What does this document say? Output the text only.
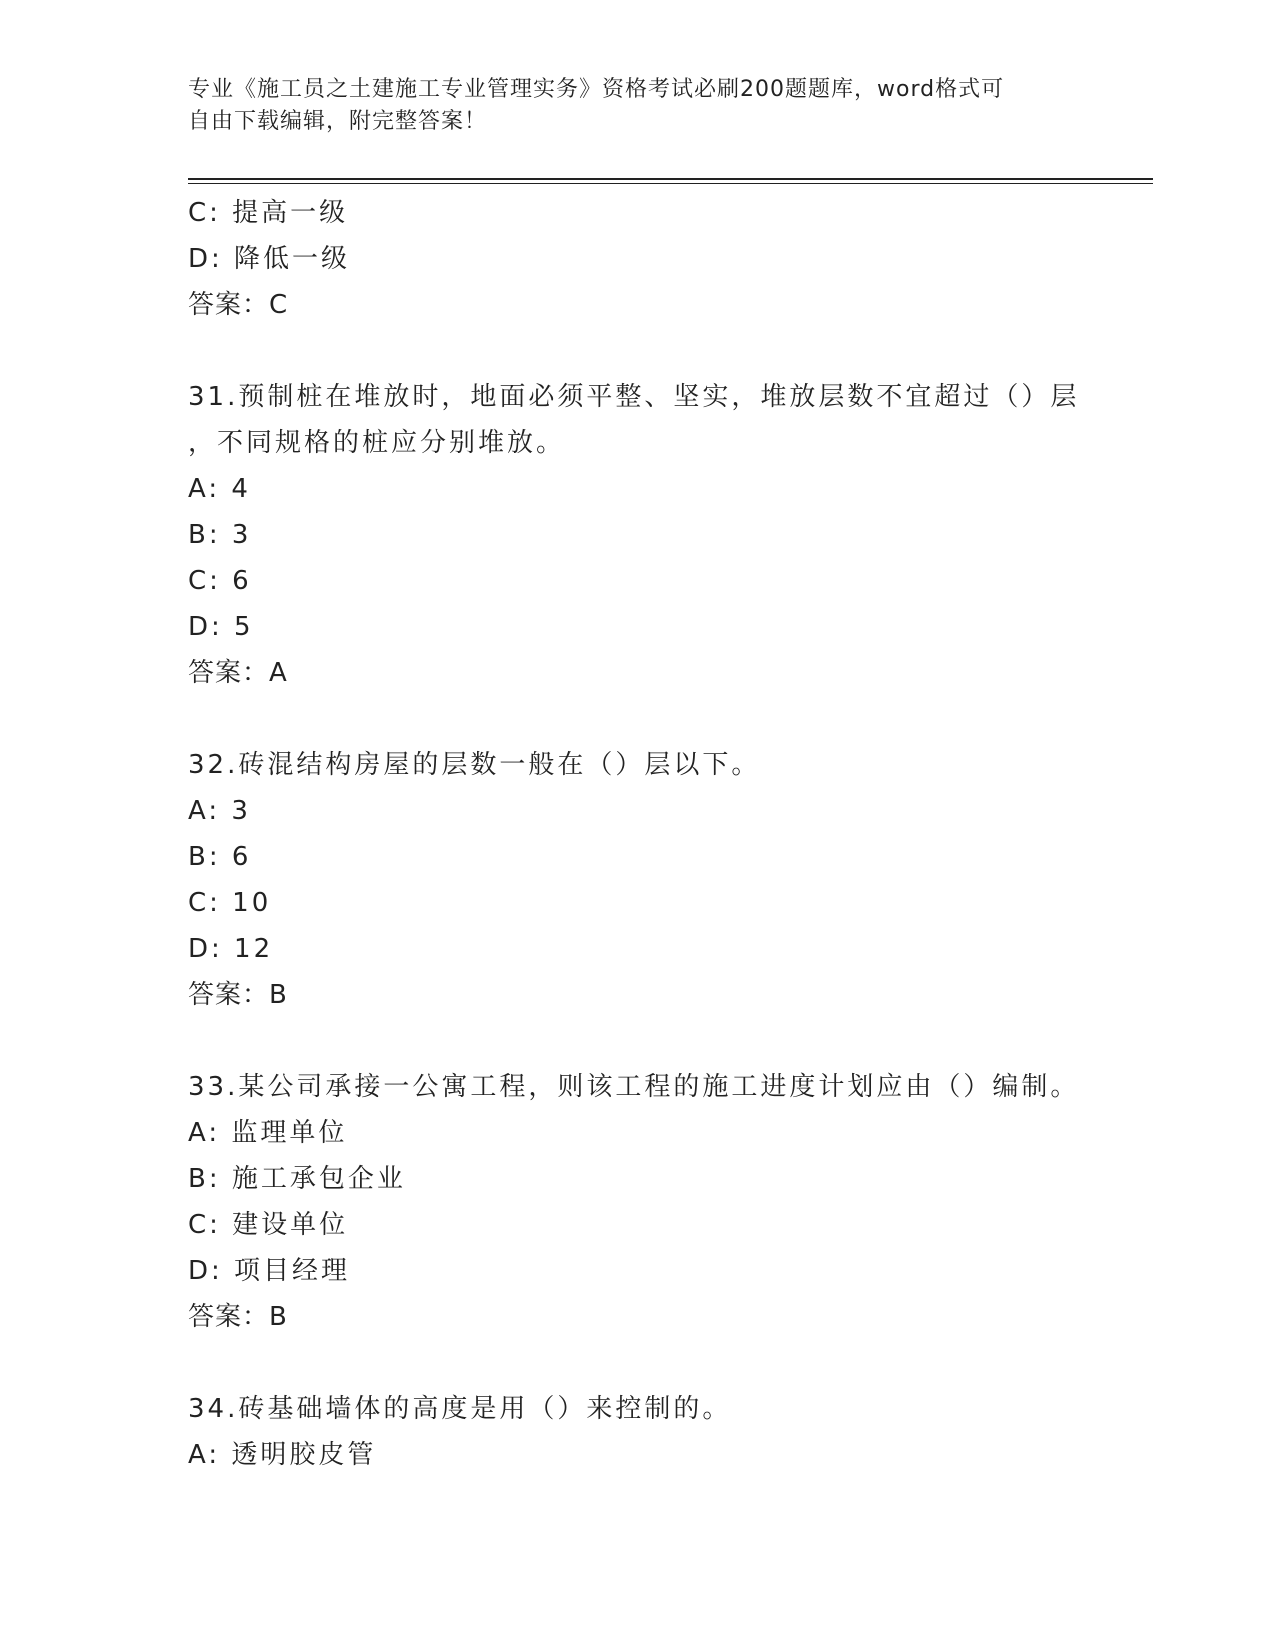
专业《施工员之土建施工专业管理实务》资格考试必刷200题题库，word格式可
自由下载编辑，附完整答案！
C: 提高一级
D: 降低一级
答案：C
31.预制桩在堆放时，地面必须平整、坚实，堆放层数不宜超过（）层
，不同规格的桩应分别堆放。
A: 4
B: 3
C: 6
D: 5
答案：A
32.砖混结构房屋的层数一般在（）层以下。
A: 3
B: 6
C: 10
D: 12
答案：B
33.某公司承接一公寓工程，则该工程的施工进度计划应由（）编制。
A: 监理单位
B: 施工承包企业
C: 建设单位
D: 项目经理
答案：B
34.砖基础墙体的高度是用（）来控制的。
A: 透明胶皮管
